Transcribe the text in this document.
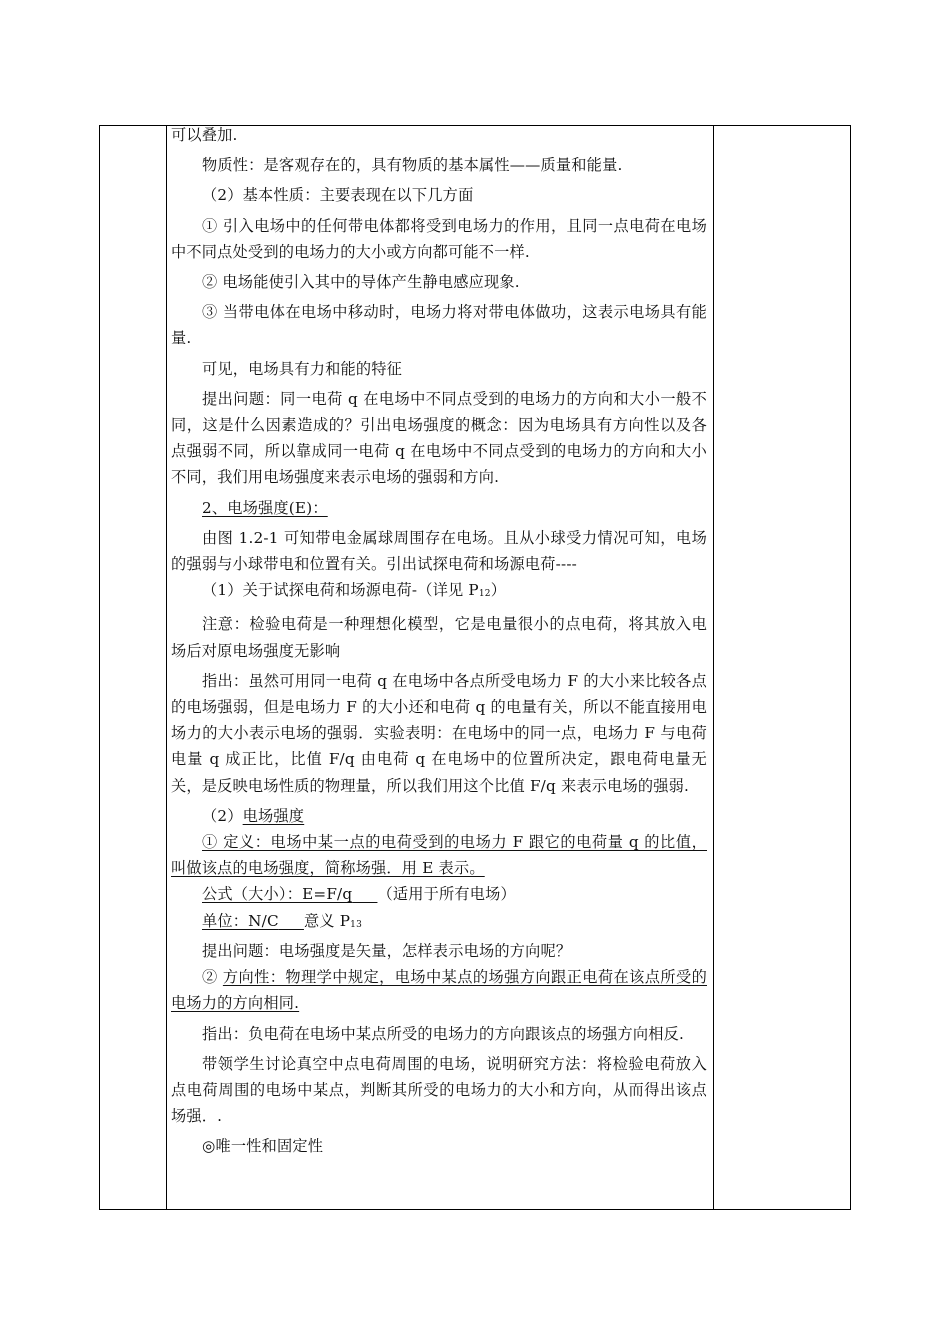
可以叠加.

物质性：是客观存在的，具有物质的基本属性——质量和能量.

（2）基本性质：主要表现在以下几方面

① 引入电场中的任何带电体都将受到电场力的作用，且同一点电荷在电场中不同点处受到的电场力的大小或方向都可能不一样.

② 电场能使引入其中的导体产生静电感应现象.

③ 当带电体在电场中移动时，电场力将对带电体做功，这表示电场具有能量.

可见，电场具有力和能的特征

提出问题：同一电荷 q 在电场中不同点受到的电场力的方向和大小一般不同，这是什么因素造成的？引出电场强度的概念：因为电场具有方向性以及各点强弱不同，所以靠成同一电荷 q 在电场中不同点受到的电场力的方向和大小不同，我们用电场强度来表示电场的强弱和方向.

2、电场强度(E)：

由图 1.2-1 可知带电金属球周围存在电场。且从小球受力情况可知，电场的强弱与小球带电和位置有关。引出试探电荷和场源电荷----

（1）关于试探电荷和场源电荷-（详见 P12）

注意：检验电荷是一种理想化模型，它是电量很小的点电荷，将其放入电场后对原电场强度无影响

指出：虽然可用同一电荷 q 在电场中各点所受电场力 F 的大小来比较各点的电场强弱，但是电场力 F 的大小还和电荷 q 的电量有关，所以不能直接用电场力的大小表示电场的强弱．实验表明：在电场中的同一点，电场力 F 与电荷电量 q 成正比，比值 F/q 由电荷 q 在电场中的位置所决定，跟电荷电量无关，是反映电场性质的物理量，所以我们用这个比值 F/q 来表示电场的强弱.

（2）电场强度

① 定义：电场中某一点的电荷受到的电场力 F 跟它的电荷量 q 的比值，叫做该点的电场强度，简称场强．用 E 表示。

公式（大小）：E=F/q （适用于所有电场）

单位：N/C 意义 P13

提出问题：电场强度是矢量，怎样表示电场的方向呢？

② 方向性：物理学中规定，电场中某点的场强方向跟正电荷在该点所受的电场力的方向相同.

指出：负电荷在电场中某点所受的电场力的方向跟该点的场强方向相反.

带领学生讨论真空中点电荷周围的电场，说明研究方法：将检验电荷放入点电荷周围的电场中某点，判断其所受的电场力的大小和方向，从而得出该点场强．.

◎唯一性和固定性
